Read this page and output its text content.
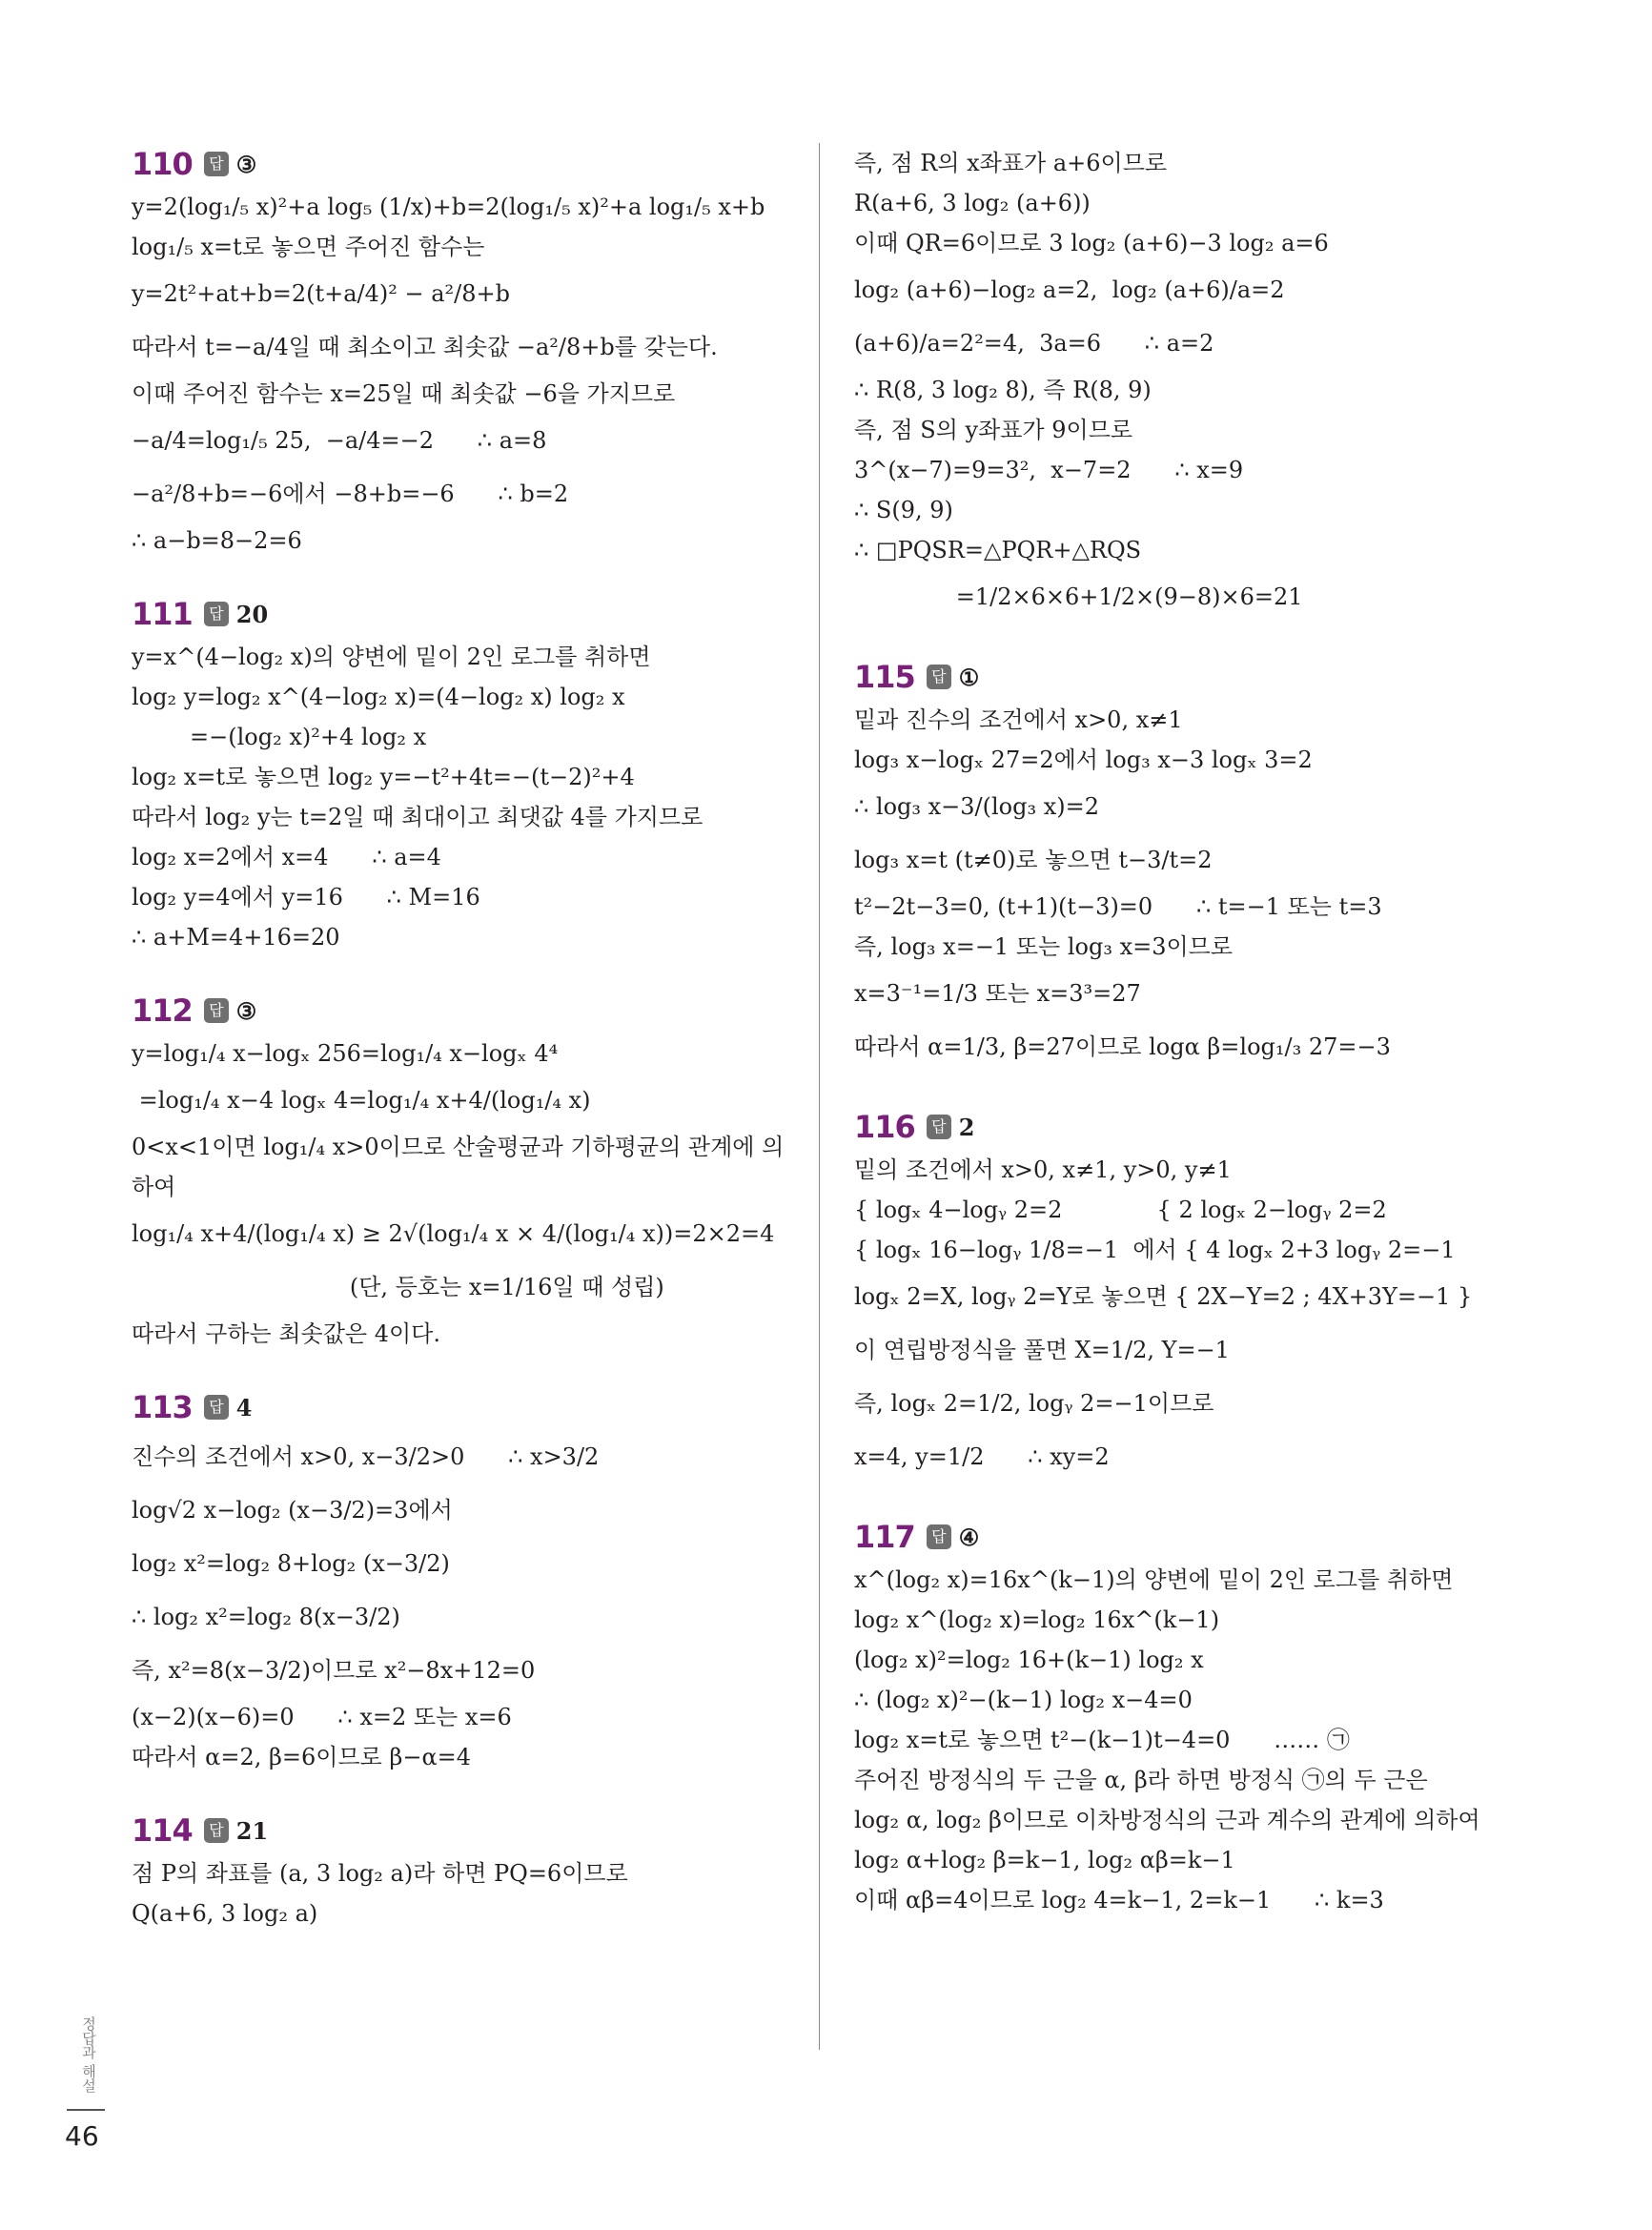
110	답 ③
y=2(log₁/₅ x)²+a log₅ (1/x)+b=2(log₁/₅ x)²+a log₁/₅ x+b
log₁/₅ x=t로 놓으면 주어진 함수는
y=2t²+at+b=2(t+a/4)² − a²/8+b
따라서 t=−a/4일 때 최소이고 최솟값 −a²/8+b를 갖는다.
이때 주어진 함수는 x=25일 때 최솟값 −6을 가지므로
−a/4=log₁/₅ 25,  −a/4=−2      ∴ a=8
−a²/8+b=−6에서 −8+b=−6      ∴ b=2
∴ a−b=8−2=6
111	답 20
y=x^(4−log₂ x)의 양변에 밑이 2인 로그를 취하면
log₂ y=log₂ x^(4−log₂ x)=(4−log₂ x) log₂ x
=−(log₂ x)²+4 log₂ x
log₂ x=t로 놓으면 log₂ y=−t²+4t=−(t−2)²+4
따라서 log₂ y는 t=2일 때 최대이고 최댓값 4를 가지므로
log₂ x=2에서 x=4      ∴ a=4
log₂ y=4에서 y=16      ∴ M=16
∴ a+M=4+16=20
112	답 ③
y=log₁/₄ x−logₓ 256=log₁/₄ x−logₓ 4⁴
=log₁/₄ x−4 logₓ 4=log₁/₄ x+4/(log₁/₄ x)
0<x<1이면 log₁/₄ x>0이므로 산술평균과 기하평균의 관계에 의
하여
log₁/₄ x+4/(log₁/₄ x) ≥ 2√(log₁/₄ x × 4/(log₁/₄ x))=2×2=4
(단, 등호는 x=1/16일 때 성립)
따라서 구하는 최솟값은 4이다.
113	답 4
진수의 조건에서 x>0, x−3/2>0      ∴ x>3/2
log√2 x−log₂ (x−3/2)=3에서
log₂ x²=log₂ 8+log₂ (x−3/2)
∴ log₂ x²=log₂ 8(x−3/2)
즉, x²=8(x−3/2)이므로 x²−8x+12=0
(x−2)(x−6)=0      ∴ x=2 또는 x=6
따라서 α=2, β=6이므로 β−α=4
114	답 21
점 P의 좌표를 (a, 3 log₂ a)라 하면 PQ=6이므로
Q(a+6, 3 log₂ a)
즉, 점 R의 x좌표가 a+6이므로
R(a+6, 3 log₂ (a+6))
이때 QR=6이므로 3 log₂ (a+6)−3 log₂ a=6
log₂ (a+6)−log₂ a=2,  log₂ (a+6)/a=2
(a+6)/a=2²=4,  3a=6      ∴ a=2
∴ R(8, 3 log₂ 8), 즉 R(8, 9)
즉, 점 S의 y좌표가 9이므로
3^(x−7)=9=3²,  x−7=2      ∴ x=9
∴ S(9, 9)
∴ □PQSR=△PQR+△RQS
=1/2×6×6+1/2×(9−8)×6=21
115	답 ①
밑과 진수의 조건에서 x>0, x≠1
log₃ x−logₓ 27=2에서 log₃ x−3 logₓ 3=2
∴ log₃ x−3/(log₃ x)=2
log₃ x=t (t≠0)로 놓으면 t−3/t=2
t²−2t−3=0, (t+1)(t−3)=0      ∴ t=−1 또는 t=3
즉, log₃ x=−1 또는 log₃ x=3이므로
x=3⁻¹=1/3 또는 x=3³=27
따라서 α=1/3, β=27이므로 logα β=log₁/₃ 27=−3
116	답 2
밑의 조건에서 x>0, x≠1, y>0, y≠1
{ logₓ 4−logᵧ 2=2             { 2 logₓ 2−logᵧ 2=2
{ logₓ 16−logᵧ 1/8=−1  에서 { 4 logₓ 2+3 logᵧ 2=−1
logₓ 2=X, logᵧ 2=Y로 놓으면 { 2X−Y=2 ; 4X+3Y=−1 }
이 연립방정식을 풀면 X=1/2, Y=−1
즉, logₓ 2=1/2, logᵧ 2=−1이므로
x=4, y=1/2      ∴ xy=2
117	답 ④
x^(log₂ x)=16x^(k−1)의 양변에 밑이 2인 로그를 취하면
log₂ x^(log₂ x)=log₂ 16x^(k−1)
(log₂ x)²=log₂ 16+(k−1) log₂ x
∴ (log₂ x)²−(k−1) log₂ x−4=0
log₂ x=t로 놓으면 t²−(k−1)t−4=0      …… ㉠
주어진 방정식의 두 근을 α, β라 하면 방정식 ㉠의 두 근은
log₂ α, log₂ β이므로 이차방정식의 근과 계수의 관계에 의하여
log₂ α+log₂ β=k−1, log₂ αβ=k−1
이때 αβ=4이므로 log₂ 4=k−1, 2=k−1      ∴ k=3
정답과 해설
46
